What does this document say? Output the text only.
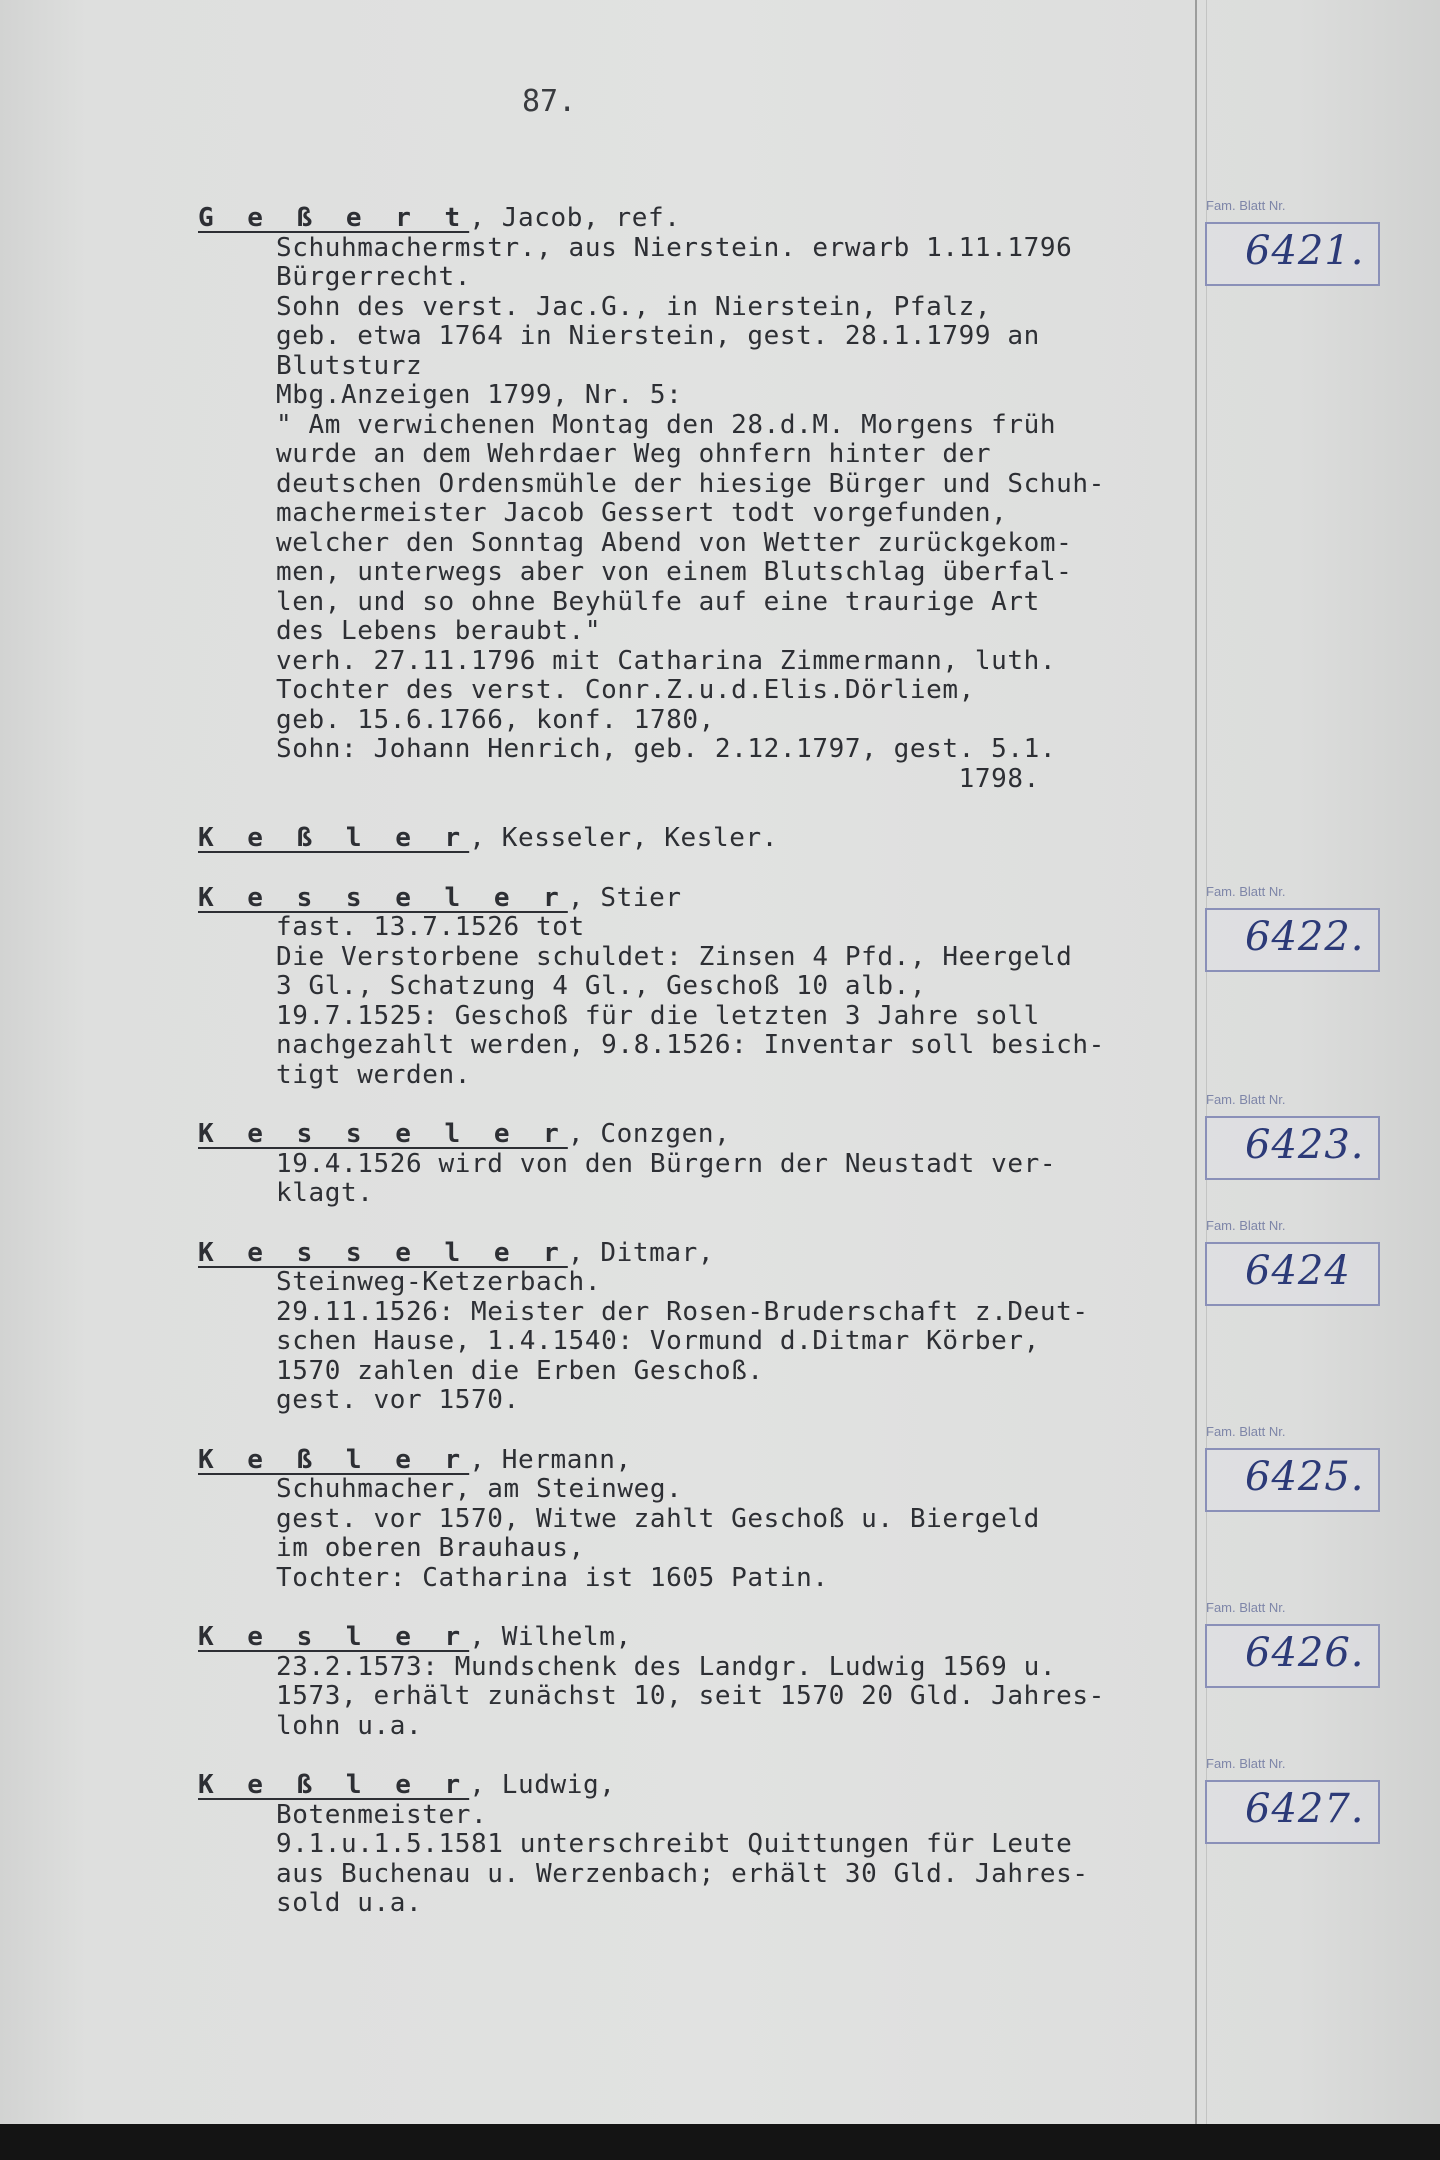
87.
G e ß e r t, Jacob, ref.
Schuhmachermstr., aus Nierstein. erwarb 1.11.1796
Bürgerrecht.
Sohn des verst. Jac.G., in Nierstein, Pfalz,
geb. etwa 1764 in Nierstein, gest. 28.1.1799 an
Blutsturz
Mbg.Anzeigen 1799, Nr. 5:
" Am verwichenen Montag den 28.d.M. Morgens früh
wurde an dem Wehrdaer Weg ohnfern hinter der
deutschen Ordensmühle der hiesige Bürger und Schuh-
machermeister Jacob Gessert todt vorgefunden,
welcher den Sonntag Abend von Wetter zurückgekom-
men, unterwegs aber von einem Blutschlag überfal-
len, und so ohne Beyhülfe auf eine traurige Art
des Lebens beraubt."
verh. 27.11.1796 mit Catharina Zimmermann, luth.
Tochter des verst. Conr.Z.u.d.Elis.Dörliem,
geb. 15.6.1766, konf. 1780,
Sohn: Johann Henrich, geb. 2.12.1797, gest. 5.1.
1798.
K e ß l e r, Kesseler, Kesler.
K e s s e l e r, Stier
fast. 13.7.1526 tot
Die Verstorbene schuldet: Zinsen 4 Pfd., Heergeld
3 Gl., Schatzung 4 Gl., Geschoß 10 alb.,
19.7.1525: Geschoß für die letzten 3 Jahre soll
nachgezahlt werden, 9.8.1526: Inventar soll besich-
tigt werden.
K e s s e l e r, Conzgen,
19.4.1526 wird von den Bürgern der Neustadt ver-
klagt.
K e s s e l e r, Ditmar,
Steinweg-Ketzerbach.
29.11.1526: Meister der Rosen-Bruderschaft z.Deut-
schen Hause, 1.4.1540: Vormund d.Ditmar Körber,
1570 zahlen die Erben Geschoß.
gest. vor 1570.
K e ß l e r, Hermann,
Schuhmacher, am Steinweg.
gest. vor 1570, Witwe zahlt Geschoß u. Biergeld
im oberen Brauhaus,
Tochter: Catharina ist 1605 Patin.
K e s l e r, Wilhelm,
23.2.1573: Mundschenk des Landgr. Ludwig 1569 u.
1573, erhält zunächst 10, seit 1570 20 Gld. Jahres-
lohn u.a.
K e ß l e r, Ludwig,
Botenmeister.
9.1.u.1.5.1581 unterschreibt Quittungen für Leute
aus Buchenau u. Werzenbach; erhält 30 Gld. Jahres-
sold u.a.
Fam. Blatt Nr.
6421.
Fam. Blatt Nr.
6422.
Fam. Blatt Nr.
6423.
Fam. Blatt Nr.
6424
Fam. Blatt Nr.
6425.
Fam. Blatt Nr.
6426.
Fam. Blatt Nr.
6427.
